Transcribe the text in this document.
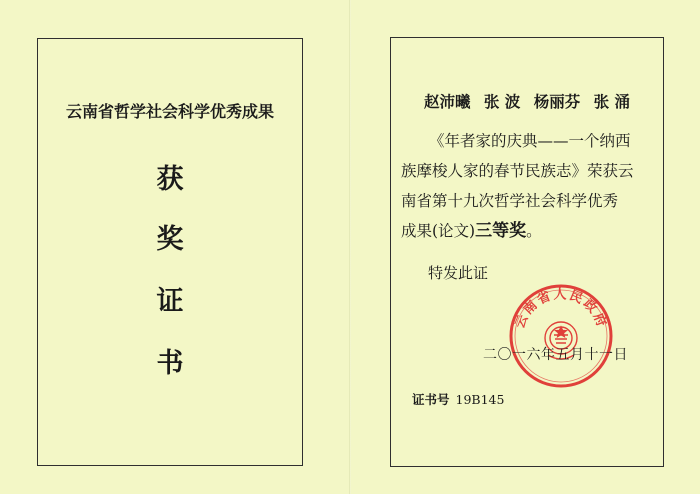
云南省哲学社会科学优秀成果
获
奖
证
书
赵沛曦 张 波 杨丽芬 张 涌
《年者家的庆典——一个纳西
族摩梭人家的春节民族志》荣获云
南省第十九次哲学社会科学优秀
成果(论文)三等奖。
特发此证
云南省人民政府
二〇一六年五月十一日
证书号 19B145
